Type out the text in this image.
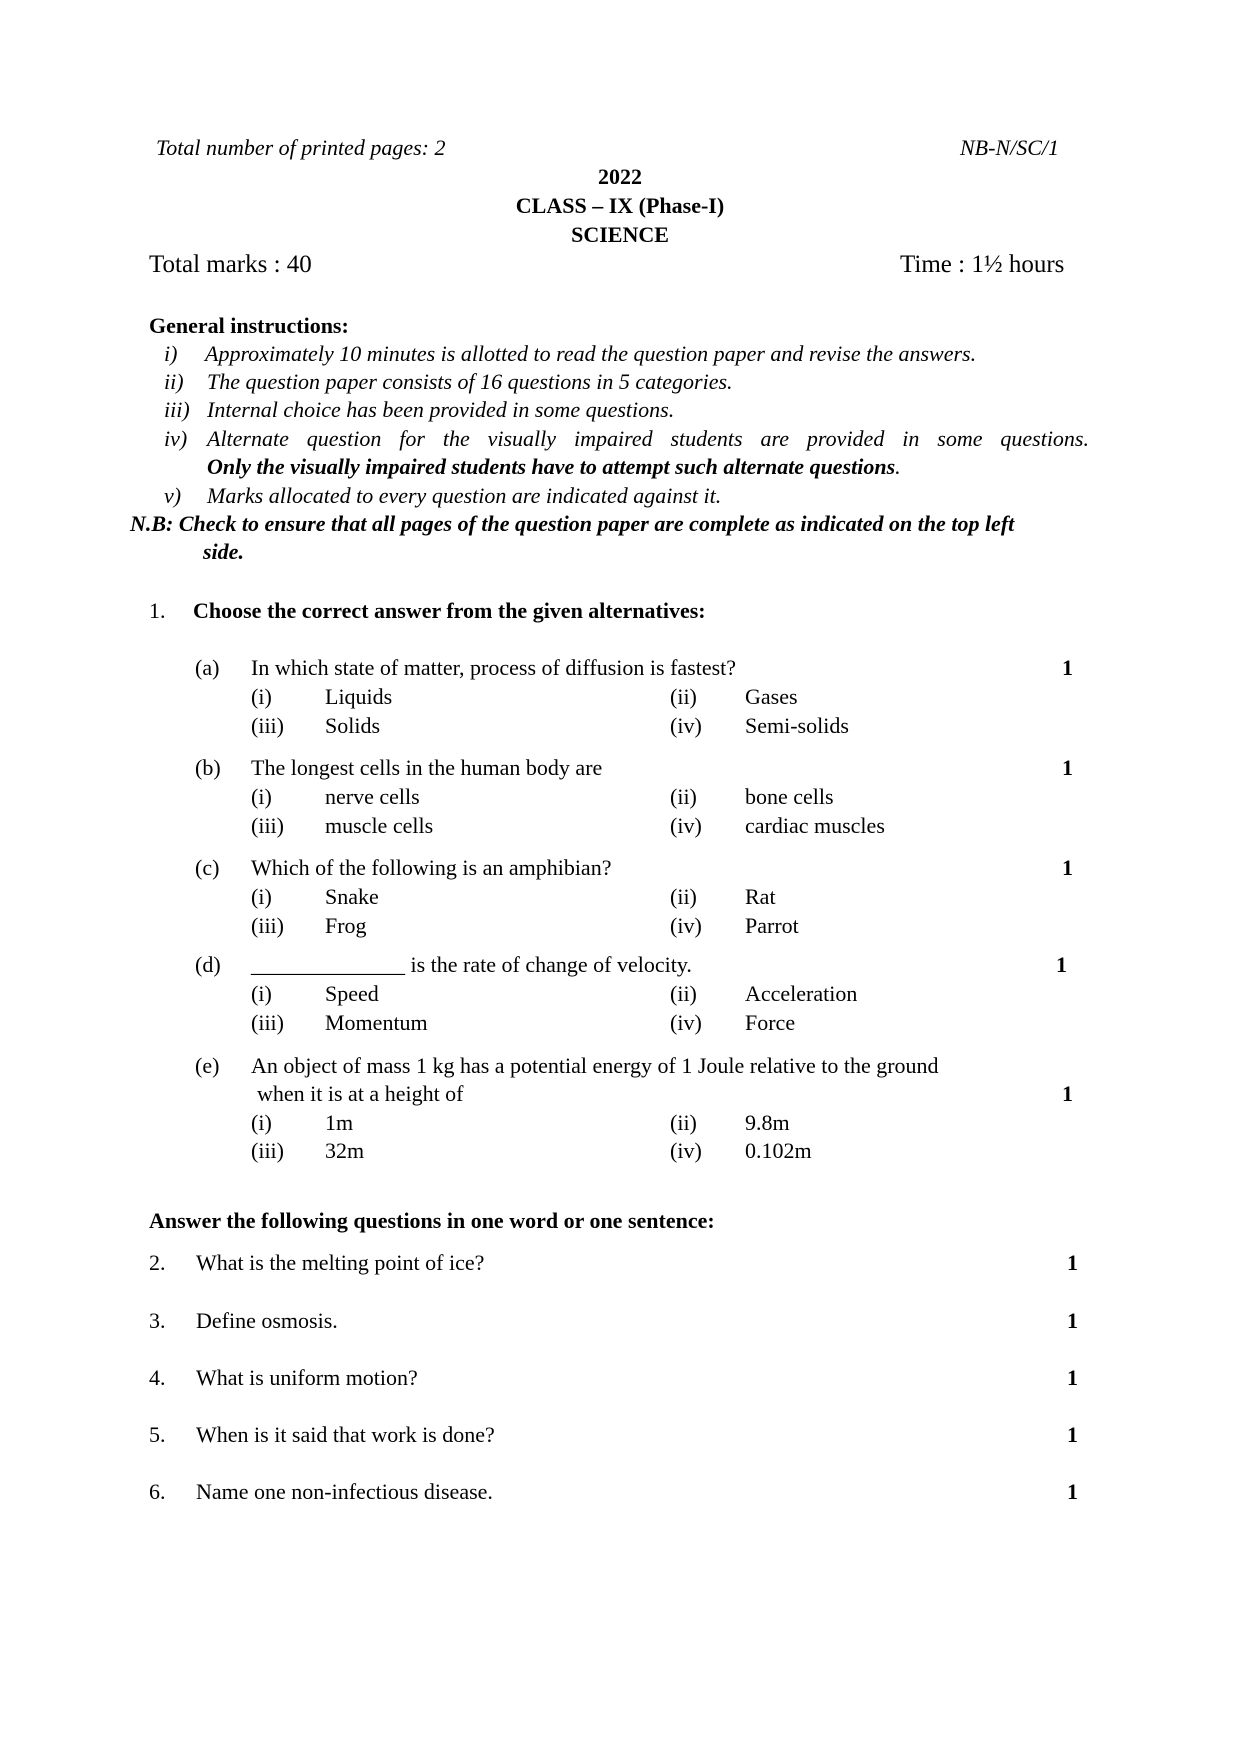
Total number of printed pages: 2	NB-N/SC/1
2022
CLASS – IX (Phase-I)
SCIENCE
Total marks : 40	Time : 1½ hours
General instructions:
i) Approximately 10 minutes is allotted to read the question paper and revise the answers.
ii) The question paper consists of 16 questions in 5 categories.
iii) Internal choice has been provided in some questions.
iv) Alternate question for the visually impaired students are provided in some questions.
Only the visually impaired students have to attempt such alternate questions.
v) Marks allocated to every question are indicated against it.
N.B: Check to ensure that all pages of the question paper are complete as indicated on the top left
side.
1. Choose the correct answer from the given alternatives:
(a) In which state of matter, process of diffusion is fastest?	1
(i) Liquids	(ii) Gases
(iii) Solids	(iv) Semi-solids
(b) The longest cells in the human body are	1
(i) nerve cells	(ii) bone cells
(iii) muscle cells	(iv) cardiac muscles
(c) Which of the following is an amphibian?	1
(i) Snake	(ii) Rat
(iii) Frog	(iv) Parrot
(d) ______________ is the rate of change of velocity.	1
(i) Speed	(ii) Acceleration
(iii) Momentum	(iv) Force
(e) An object of mass 1 kg has a potential energy of 1 Joule relative to the ground
when it is at a height of	1
(i) 1m	(ii) 9.8m
(iii) 32m	(iv) 0.102m
Answer the following questions in one word or one sentence:
2. What is the melting point of ice?	1
3. Define osmosis.	1
4. What is uniform motion?	1
5. When is it said that work is done?	1
6. Name one non-infectious disease.	1
